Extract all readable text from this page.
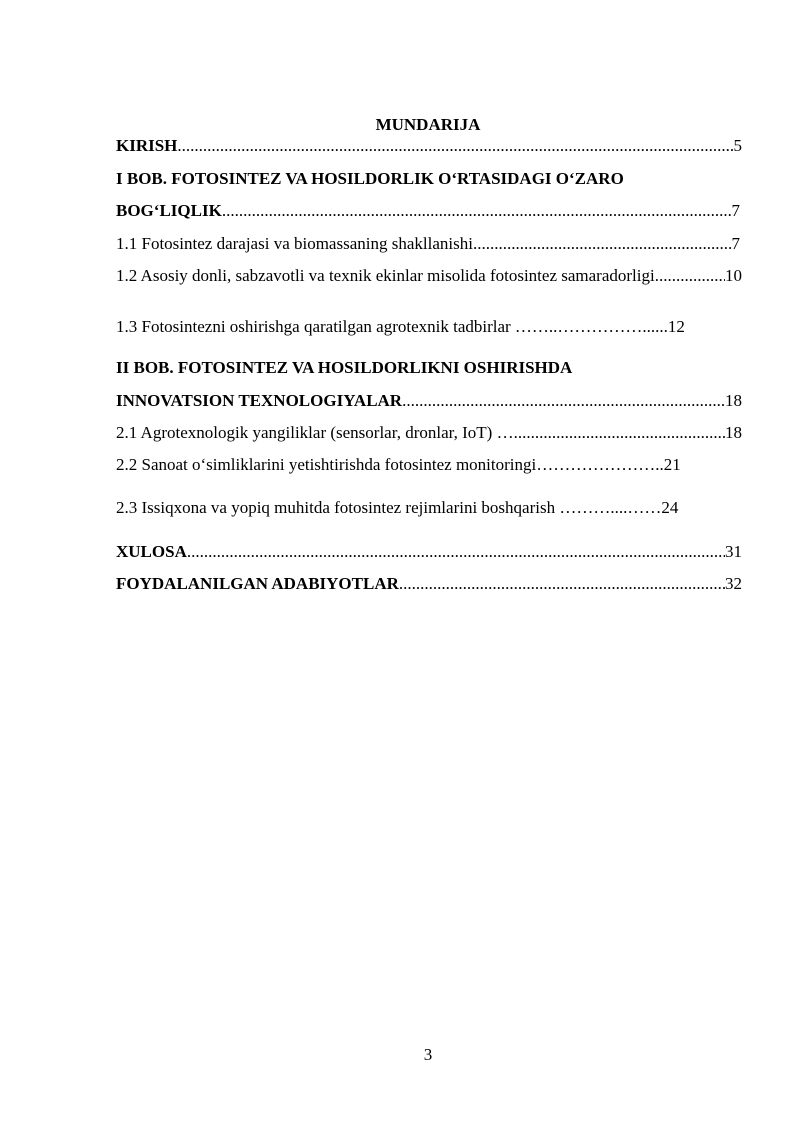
MUNDARIJA
KIRISH .....	5
I BOB. FOTOSINTEZ VA HOSILDORLIK O‘RTASIDAGI O‘ZARO
BOG‘LIQLIK .....	7
1.1 Fotosintez darajasi va biomassaning shakllanishi .....	7
1.2 Asosiy donli, sabzavotli va texnik ekinlar misolida fotosintez samaradorligi .....	10
1.3 Fotosintezni oshirishga qaratilgan agrotexnik tadbirlar ……..……………......12
II BOB. FOTOSINTEZ VA HOSILDORLIKNI OSHIRISHDA
INNOVATSION TEXNOLOGIYALAR .....	18
2.1 Agrotexnologik yangiliklar (sensorlar, dronlar, IoT) … .....	18
2.2 Sanoat o‘simliklarini yetishtirishda fotosintez monitoringi…………………..21
2.3 Issiqxona va yopiq muhitda fotosintez rejimlarini boshqarish ………....……24
XULOSA .....	31
FOYDALANILGAN ADABIYOTLAR .....	32
3
